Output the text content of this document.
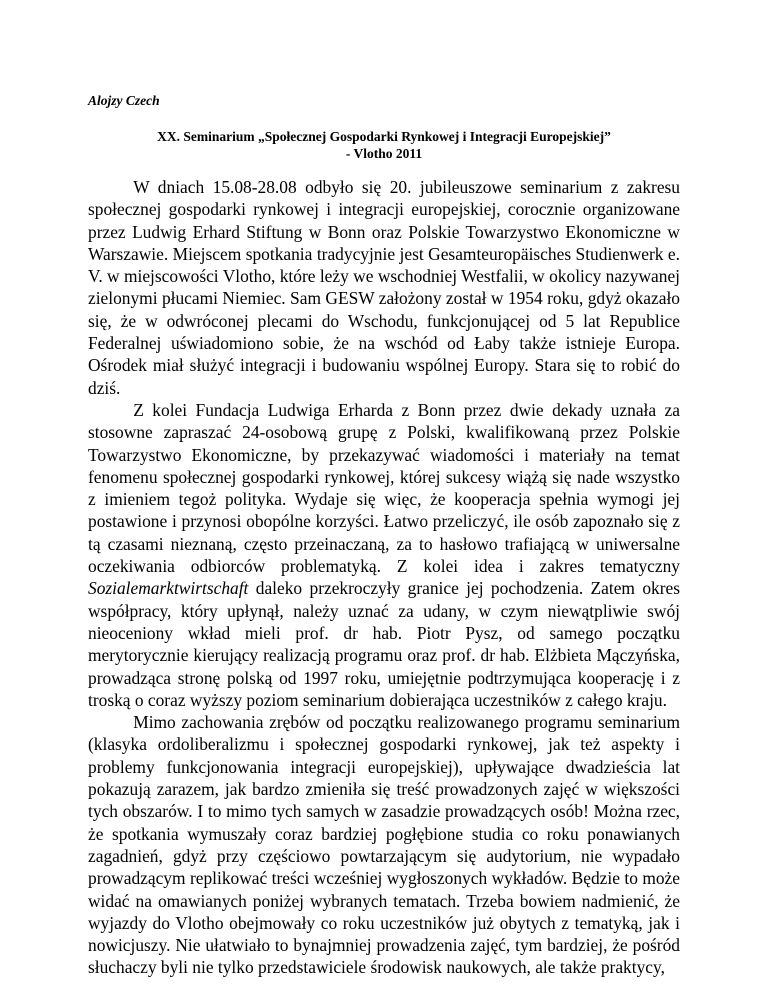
Alojzy Czech
XX. Seminarium „Społecznej Gospodarki Rynkowej i Integracji Europejskiej”
- Vlotho 2011

W dniach 15.08-28.08 odbyło się 20. jubileuszowe seminarium z zakresu społecznej gospodarki rynkowej i integracji europejskiej, corocznie organizowane przez Ludwig Erhard Stiftung w Bonn oraz Polskie Towarzystwo Ekonomiczne w Warszawie. Miejscem spotkania tradycyjnie jest Gesamteuropäisches Studienwerk e. V. w miejscowości Vlotho, które leży we wschodniej Westfalii, w okolicy nazywanej zielonymi płucami Niemiec. Sam GESW założony został w 1954 roku, gdyż okazało się, że w odwróconej plecami do Wschodu, funkcjonującej od 5 lat Republice Federalnej uświadomiono sobie, że na wschód od Łaby także istnieje Europa. Ośrodek miał służyć integracji i budowaniu wspólnej Europy. Stara się to robić do dziś.

Z kolei Fundacja Ludwiga Erharda z Bonn przez dwie dekady uznała za stosowne zapraszać 24-osobową grupę z Polski, kwalifikowaną przez Polskie Towarzystwo Ekonomiczne, by przekazywać wiadomości i materiały na temat fenomenu społecznej gospodarki rynkowej, której sukcesy wiążą się nade wszystko z imieniem tegoż polityka. Wydaje się więc, że kooperacja spełnia wymogi jej postawione i przynosi obopólne korzyści. Łatwo przeliczyć, ile osób zapoznało się z tą czasami nieznaną, często przeinaczaną, za to hasłowo trafiającą w uniwersalne oczekiwania odbiorców problematyką. Z kolei idea i zakres tematyczny Sozialemarktwirtschaft daleko przekroczyły granice jej pochodzenia. Zatem okres współpracy, który upłynął, należy uznać za udany, w czym niewątpliwie swój nieoceniony wkład mieli prof. dr hab. Piotr Pysz, od samego początku merytorycznie kierujący realizacją programu oraz prof. dr hab. Elżbieta Mączyńska, prowadząca stronę polską od 1997 roku, umiejętnie podtrzymująca kooperację i z troską o coraz wyższy poziom seminarium dobierająca uczestników z całego kraju.

Mimo zachowania zrębów od początku realizowanego programu seminarium (klasyka ordoliberalizmu i społecznej gospodarki rynkowej, jak też aspekty i problemy funkcjonowania integracji europejskiej), upływające dwadzieścia lat pokazują zarazem, jak bardzo zmieniła się treść prowadzonych zajęć w większości tych obszarów. I to mimo tych samych w zasadzie prowadzących osób! Można rzec, że spotkania wymuszały coraz bardziej pogłębione studia co roku ponawianych zagadnień, gdyż przy częściowo powtarzającym się audytorium, nie wypadało prowadzącym replikować treści wcześniej wygłoszonych wykładów. Będzie to może widać na omawianych poniżej wybranych tematach. Trzeba bowiem nadmienić, że wyjazdy do Vlotho obejmowały co roku uczestników już obytych z tematyką, jak i nowicjuszy. Nie ułatwiało to bynajmniej prowadzenia zajęć, tym bardziej, że pośród słuchaczy byli nie tylko przedstawiciele środowisk naukowych, ale także praktycy,
